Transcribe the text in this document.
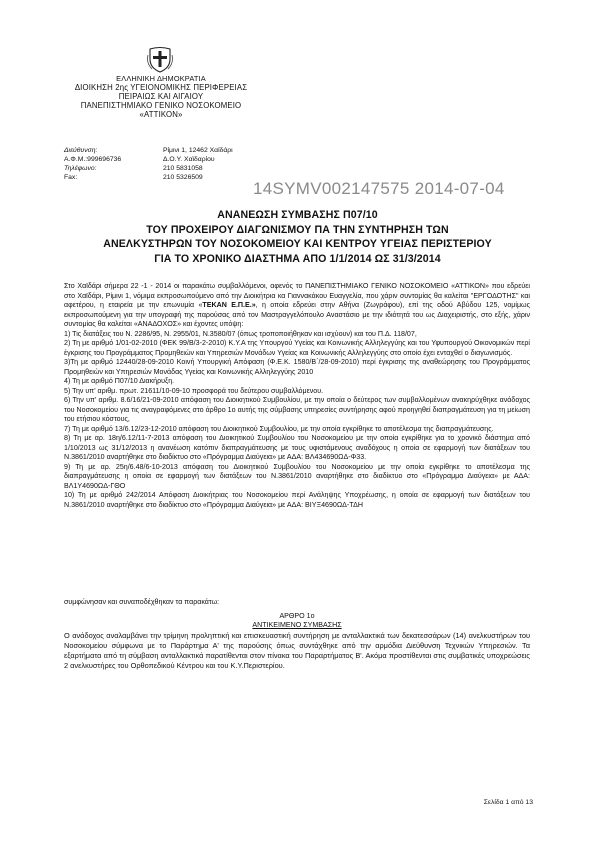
ΕΛΛΗΝΙΚΗ ΔΗΜΟΚΡΑΤΙΑ
ΔΙΟΙΚΗΣΗ 2ης ΥΓΕΙΟΝΟΜΙΚΗΣ ΠΕΡΙΦΕΡΕΙΑΣ
ΠΕΙΡΑΙΩΣ ΚΑΙ ΑΙΓΑΙΟΥ
ΠΑΝΕΠΙΣΤΗΜΙΑΚΟ ΓΕΝΙΚΟ ΝΟΣΟΚΟΜΕΙΟ
«ΑΤΤΙΚΟΝ»
Διεύθυνση:	Ρίμινι 1, 12462 Χαϊδάρι
Α.Φ.Μ.:999696736	Δ.Ο.Υ. Χαϊδαρίου
Τηλέφωνο:	210 5831058
Fax:	210 5326509
14SYMV002147575 2014-07-04
ΑΝΑΝΕΩΣΗ ΣΥΜΒΑΣΗΣ Π07/10
ΤΟΥ ΠΡΟΧΕΙΡΟΥ ΔΙΑΓΩΝΙΣΜΟΥ ΠΑ ΤΗΝ ΣΥΝΤΗΡΗΣΗ ΤΩΝ
ΑΝΕΛΚΥΣΤΗΡΩΝ ΤΟΥ ΝΟΣΟΚΟΜΕΙΟΥ ΚΑΙ ΚΕΝΤΡΟΥ ΥΓΕΙΑΣ ΠΕΡΙΣΤΕΡΙΟΥ
ΓΙΑ ΤΟ ΧΡΟΝΙΚΟ ΔΙΑΣΤΗΜΑ ΑΠΟ 1/1/2014 ΩΣ 31/3/2014

Στο Χαϊδάρι σήμερα 22 -1 - 2014 οι παρακάτω συμβαλλόμενοι, αφενός το ΠΑΝΕΠΙΣΤΗΜΙΑΚΟ ΓΕΝΙΚΟ ΝΟΣΟΚΟΜΕΙΟ «ΑΤΤΙΚΟΝ» που εδρεύει στο Χαϊδάρι, Ρίμινι 1, νόμιμα εκπροσωπούμενο από την Διοικήτρια κα Γιαννακάκου Ευαγγελία, που χάριν συντομίας θα καλείται "ΕΡΓΟΔΟΤΗΣ" και αφετέρου, η εταιρεία με την επωνυμία «ΤΕΚΑΝ Ε.Π.Ε.», η οποία εδρεύει στην Αθήνα (Ζωγράφου), επί της οδού Αβύδου 125, νομίμως εκπροσωπούμενη για την υπογραφή της παρούσας από τον Μαστραγγελόπουλο Αναστάσιο με την ιδιότητά του ως Διαχειριστής, στο εξής, χάριν συντομίας θα καλείται «ΑΝΑΔΟΧΟΣ» και έχοντες υπόψη:

1) Τις διατάξεις του Ν. 2286/95, Ν. 2955/01, Ν.3580/07 (όπως τροποποιήθηκαν και ισχύουν) και του Π.Δ. 118/07,

2) Τη με αριθμό 1/01-02-2010 (ΦΕΚ 99/Β/3-2-2010) Κ.Υ.Α της Υπουργού Υγείας και Κοινωνικής Αλληλεγγύης και του Υφυπουργού Οικονομικών περί έγκρισης του Προγράμματος Προμηθειών και Υπηρεσιών Μονάδων Υγείας και Κοινωνικής Αλληλεγγύης στο οποίο έχει ενταχθεί ο διαγωνισμός.

3)Τη με αριθμό 12440/28-09-2010 Κοινή Υπουργική Απόφαση (Φ.Ε.Κ. 1580/Β΄/28-09-2010) περί έγκρισης της αναθεώρησης του Προγράμματος Προμηθειών και Υπηρεσιών Μονάδας Υγείας και Κοινωνικής Αλληλεγγύης 2010

4) Τη με αριθμό Π07/10 Διακήρυξη.

5) Την υπ' αριθμ. πρωτ. 21611/10-09-10 προσφορά του δεύτερου συμβαλλόμενου.

6) Την υπ' αριθμ. 8.6/16/21-09-2010 απόφαση του Διοικητικού Συμβουλίου, με την οποία ο δεύτερος των συμβαλλομένων ανακηρύχθηκε ανάδοχος του Νοσοκομείου για τις αναγραφόμενες στο άρθρο 1ο αυτής της σύμβασης υπηρεσίες συντήρησης αφού προηγηθεί διαπραγμάτευση για τη μείωση του ετήσιου κόστους,

7) Τη με αριθμό 13/6.12/23-12-2010 απόφαση του Διοικητικού Συμβουλίου, με την οποία εγκρίθηκε το αποτέλεσμα της διαπραγμάτευσης.

8) Τη με αρ. 18η/6.12/11-7-2013 απόφαση του Διοικητικού Συμβουλίου του Νοσοκομείου με την οποία εγκρίθηκε για το χρονικό διάστημα από 1/10/2013 ως 31/12/2013 η ανανέωση κατόπιν διαπραγμάτευσης με τους υφιστάμενους αναδόχους η οποία σε εφαρμογή των διατάξεων του Ν.3861/2010 αναρτήθηκε στο διαδίκτυο στο «Πρόγραμμα Διαύγεια» με ΑΔΑ: ΒΛ434690ΩΔ-Φ33.

9) Τη με αρ. 25η/6.48/6-10-2013 απόφαση του Διοικητικού Συμβουλίου του Νοσοκομείου με την οποία εγκρίθηκε το αποτέλεσμα της διαπραγμάτευσης η οποία σε εφαρμογή των διατάξεων του Ν.3861/2010 αναρτήθηκε στο διαδίκτυο στο «Πρόγραμμα Διαύγεια» με ΑΔΑ: ΒΛ1Υ4690ΩΔ-ΓΘΟ

10) Τη με αριθμό 242/2014 Απόφαση Διοικήτριας του Νοσοκομείου περί Ανάληψης Υποχρέωσης, η οποία σε εφαρμογή των διατάξεων του Ν.3861/2010 αναρτήθηκε στο διαδίκτυο στο «Πρόγραμμα Διαύγεια» με ΑΔΑ: ΒΙΥΞ4690ΩΔ-ΤΔΗ

συμφώνησαν και συναποδέχθηκαν τα παρακάτω:

ΑΡΘΡΟ 1ο
ΑΝΤΙΚΕΙΜΕΝΟ ΣΥΜΒΑΣΗΣ

Ο ανάδοχος αναλαμβάνει την τρίμηνη προληπτική και επισκευαστική συντήρηση με ανταλλακτικά των δεκατεσσάρων (14) ανελκυστήρων του Νοσοκομείου σύμφωνα με το Παράρτημα Α' της παρούσης όπως συντάχθηκε από την αρμόδια Διεύθυνση Τεχνικών Υπηρεσιών. Τα εξαρτήματα από τη σύμβαση ανταλλακτικά παρατίθενται στον πίνακα του Παραρτήματος Β'. Ακόμα προστίθενται στις συμβατικές υποχρεώσεις 2 ανελκυστήρες του Ορθοπεδικού Κέντρου και του Κ.Υ.Περιστερίου.

Σελίδα 1 από 13
